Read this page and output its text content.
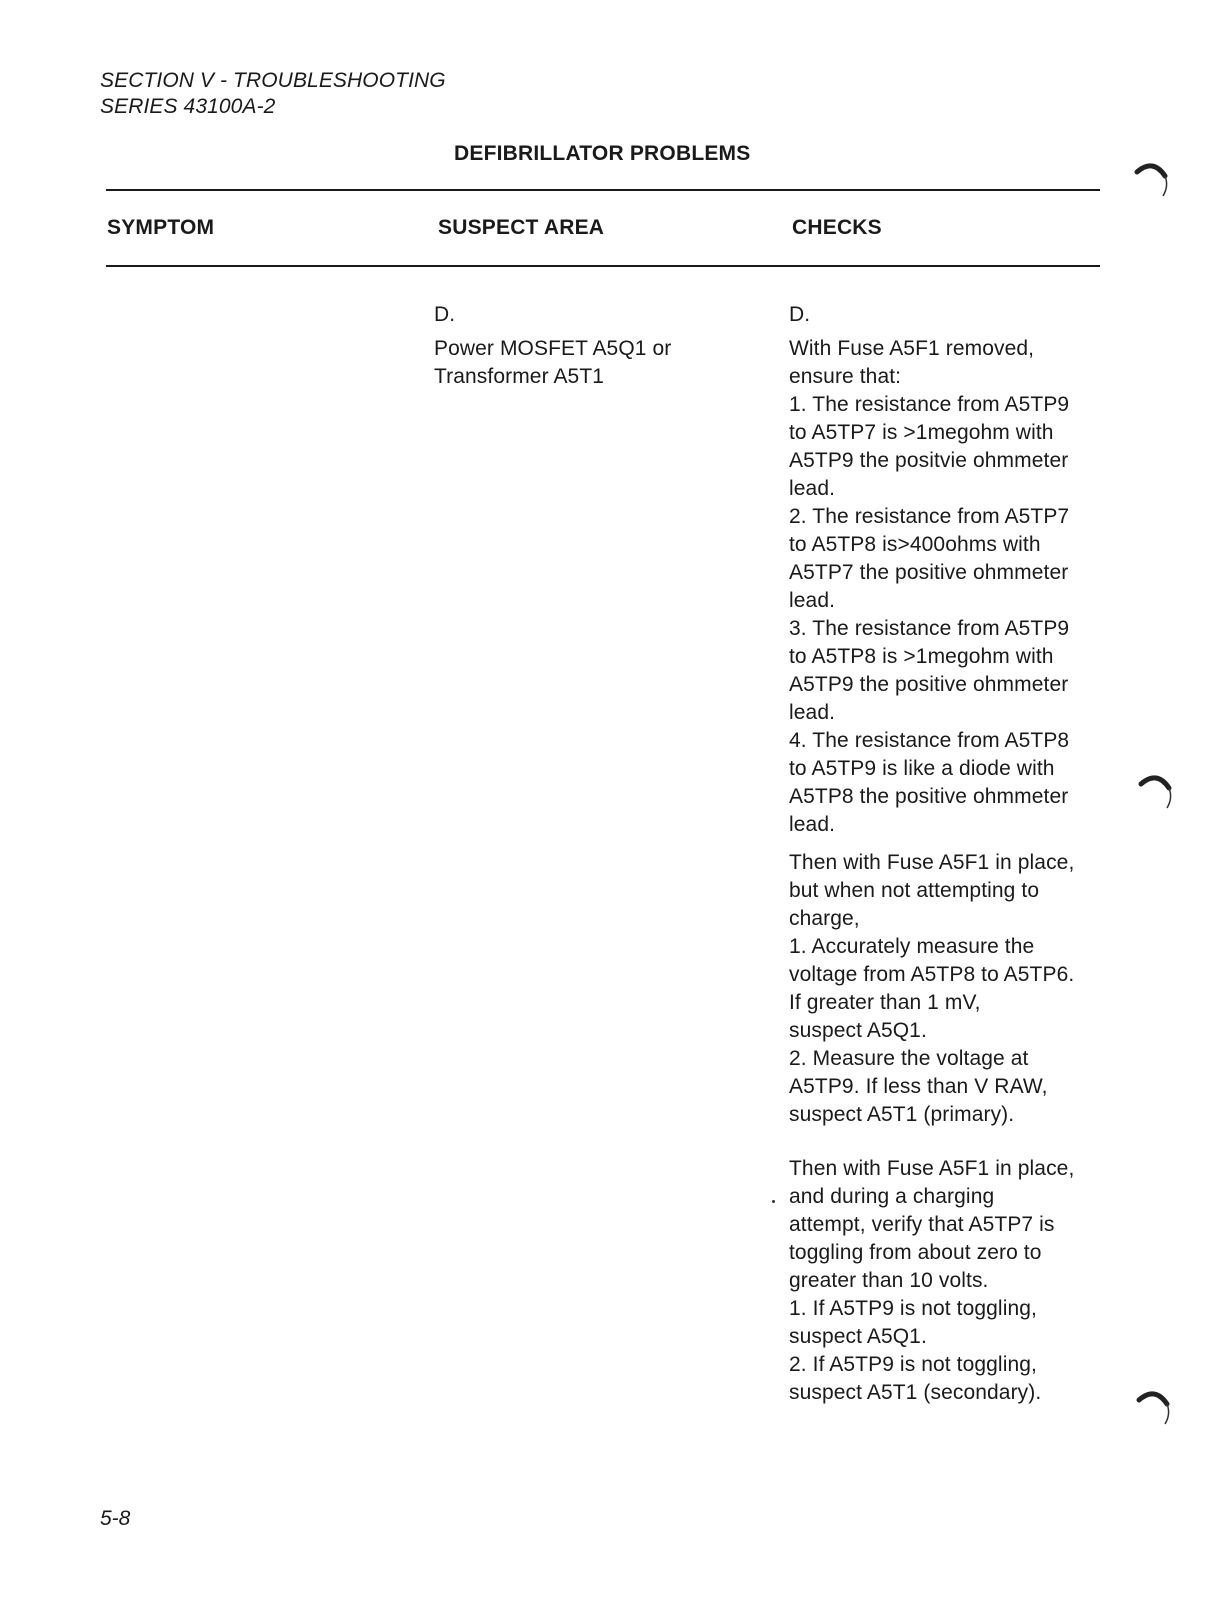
SECTION V - TROUBLESHOOTING
SERIES 43100A-2
DEFIBRILLATOR PROBLEMS
SYMPTOM	SUSPECT AREA	CHECKS
D.
Power MOSFET A5Q1 or
Transformer A5T1
D.
With Fuse A5F1 removed,
ensure that:
1. The resistance from A5TP9
to A5TP7 is >1megohm with
A5TP9 the positvie ohmmeter
lead.
2. The resistance from A5TP7
to A5TP8 is>400ohms with
A5TP7 the positive ohmmeter
lead.
3. The resistance from A5TP9
to A5TP8 is >1megohm with
A5TP9 the positive ohmmeter
lead.
4. The resistance from A5TP8
to A5TP9 is like a diode with
A5TP8 the positive ohmmeter
lead.
Then with Fuse A5F1 in place,
but when not attempting to
charge,
1. Accurately measure the
voltage from A5TP8 to A5TP6.
If greater than 1 mV,
suspect A5Q1.
2. Measure the voltage at
A5TP9. If less than V RAW,
suspect A5T1 (primary).
Then with Fuse A5F1 in place,
and during a charging
attempt, verify that A5TP7 is
toggling from about zero to
greater than 10 volts.
1. If A5TP9 is not toggling,
suspect A5Q1.
2. If A5TP9 is not toggling,
suspect A5T1 (secondary).
5-8
